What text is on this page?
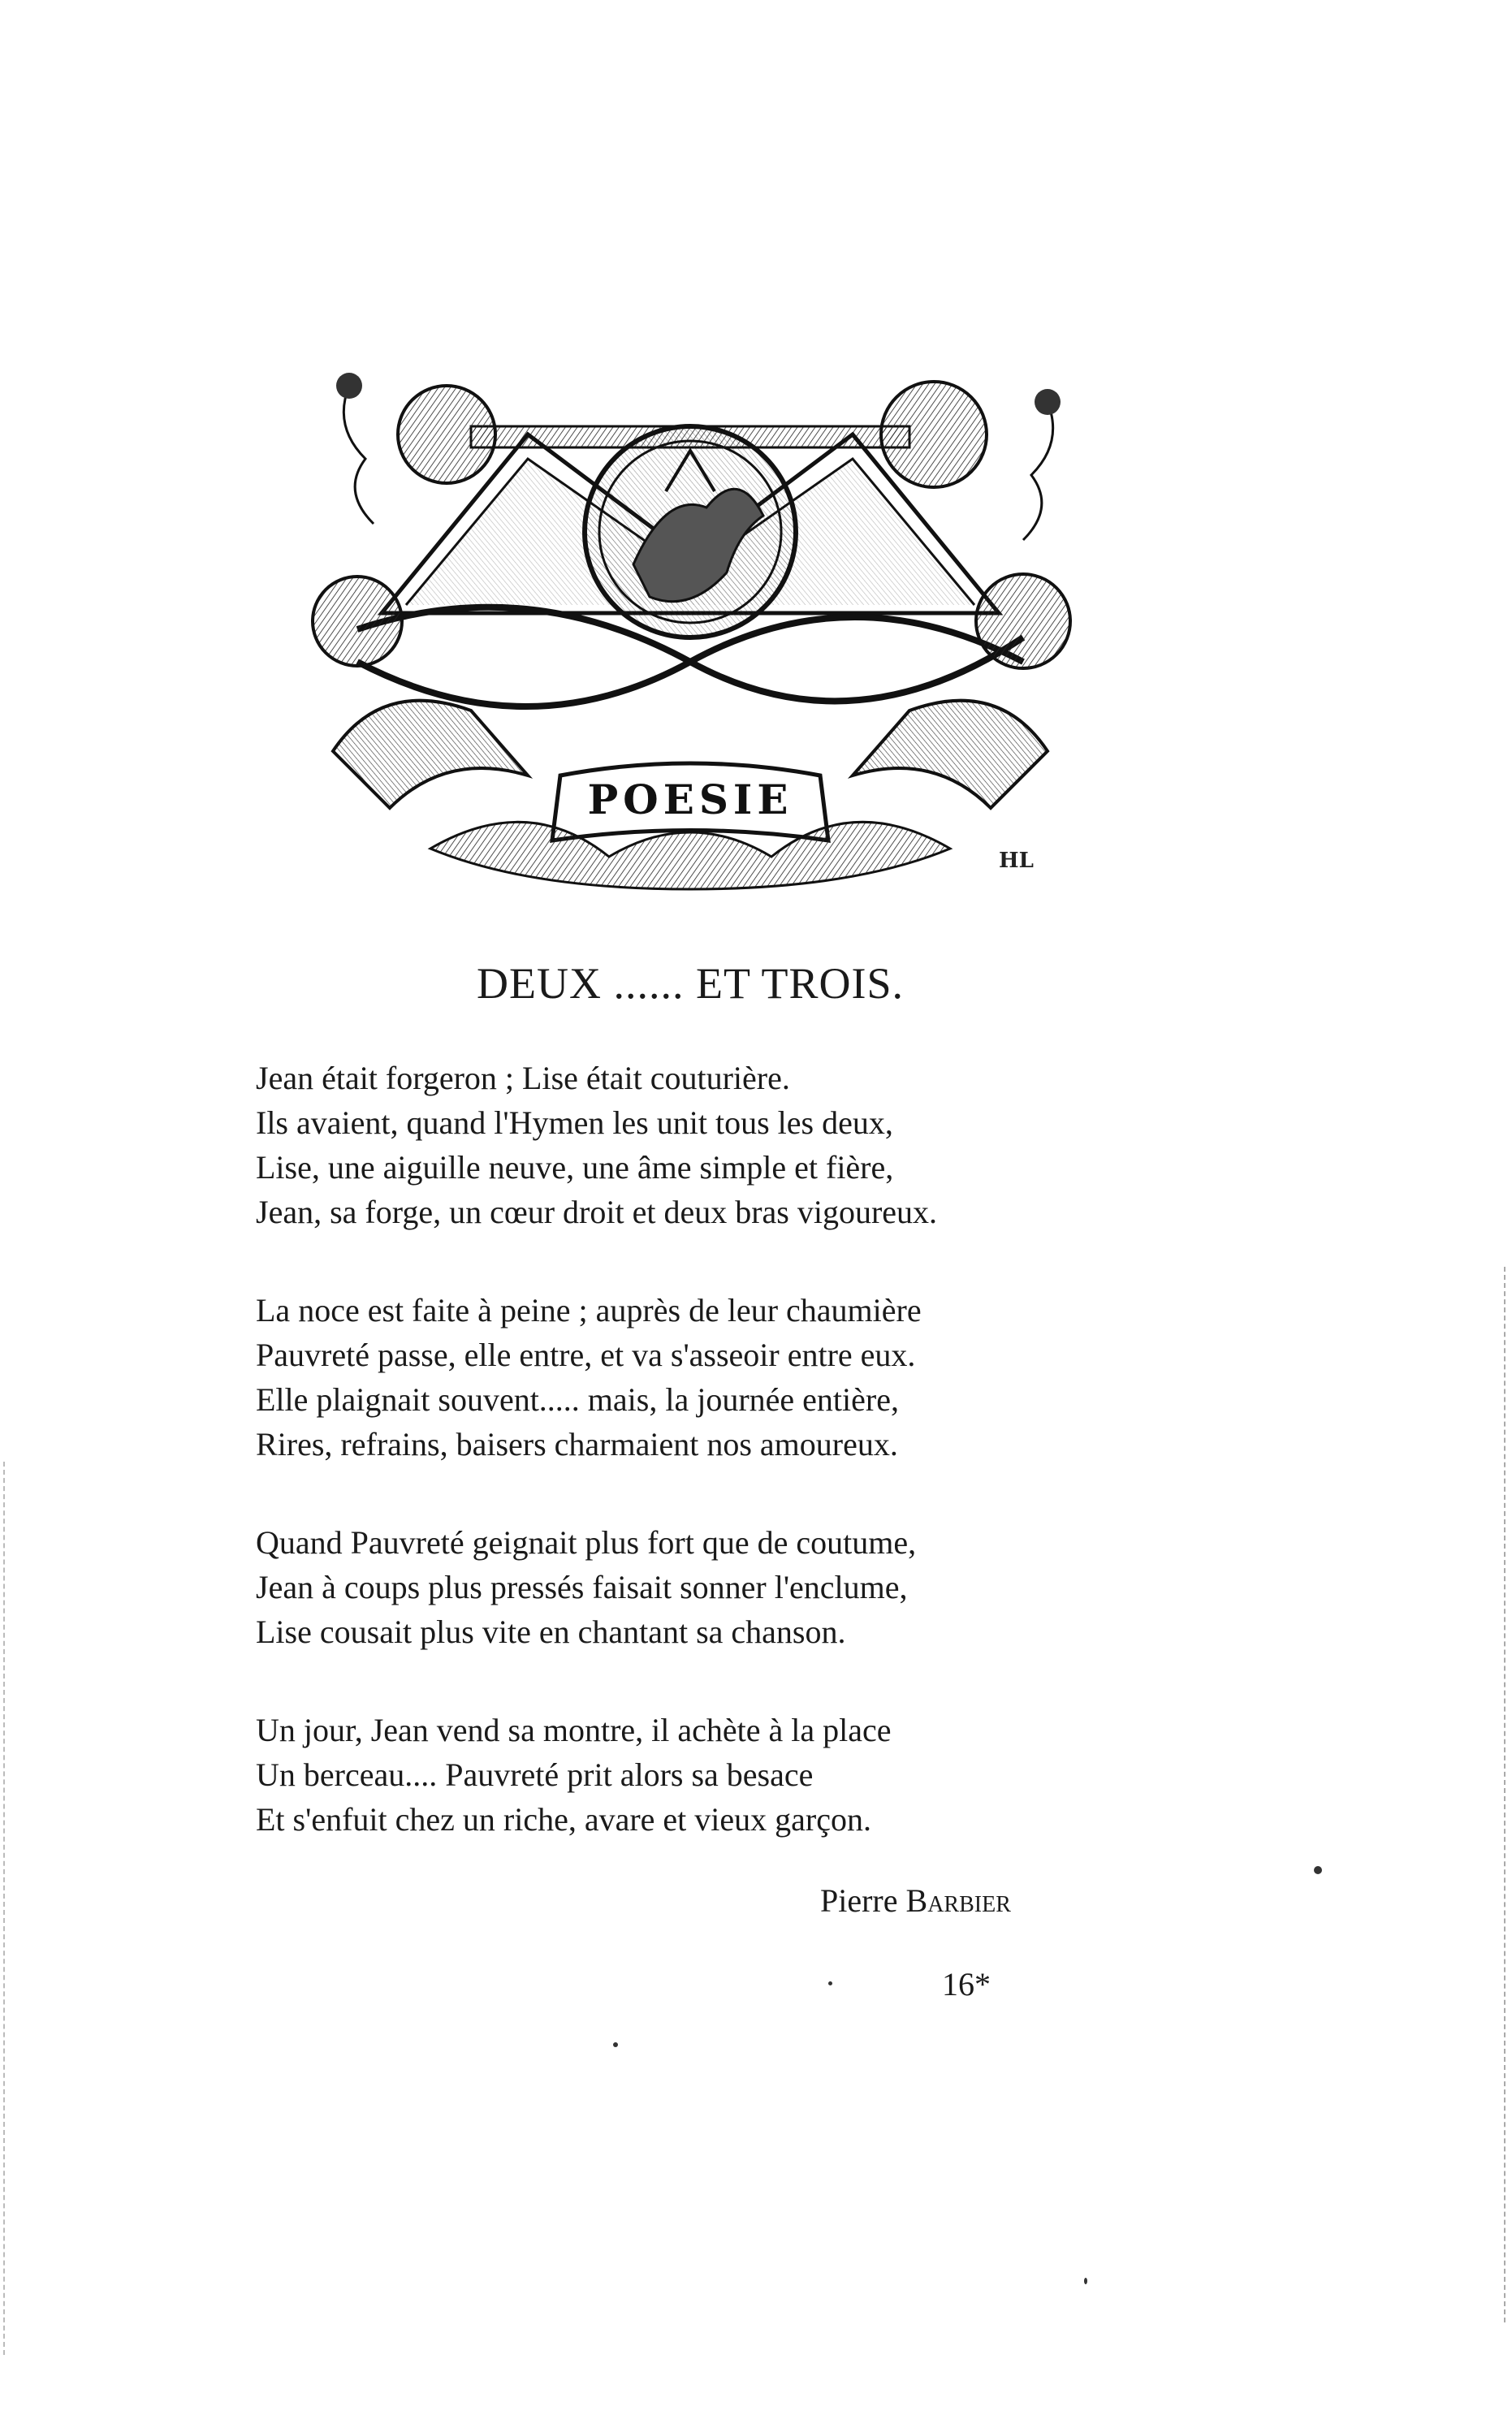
POESIE
HL
DEUX ...... ET TROIS.
Jean était forgeron ; Lise était couturière.
Ils avaient, quand l'Hymen les unit tous les deux,
Lise, une aiguille neuve, une âme simple et fière,
Jean, sa forge, un cœur droit et deux bras vigoureux.
La noce est faite à peine ; auprès de leur chaumière
Pauvreté passe, elle entre, et va s'asseoir entre eux.
Elle plaignait souvent..... mais, la journée entière,
Rires, refrains, baisers charmaient nos amoureux.
Quand Pauvreté geignait plus fort que de coutume,
Jean à coups plus pressés faisait sonner l'enclume,
Lise cousait plus vite en chantant sa chanson.
Un jour, Jean vend sa montre, il achète à la place
Un berceau.... Pauvreté prit alors sa besace
Et s'enfuit chez un riche, avare et vieux garçon.
Pierre Barbier
16*
